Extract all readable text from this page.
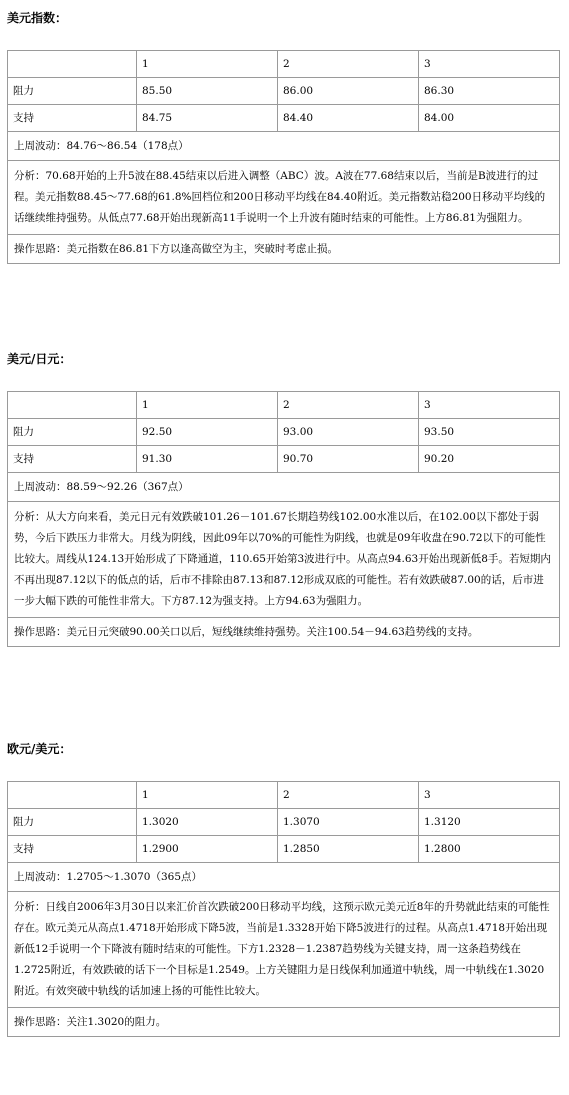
美元指数：
	1	2	3
阻力	85.50	86.00	86.30
支持	84.75	84.40	84.00
上周波动：84.76～86.54（178点）			
分析：70.68开始的上升5波在88.45结束以后进入调整（ABC）波。A波在77.68结束以后，当前是B波进行的过程。美元指数88.45～77.68的61.8%回档位和200日移动平均线在84.40附近。美元指数站稳200日移动平均线的话继续维持强势。从低点77.68开始出现新高11手说明一个上升波有随时结束的可能性。上方86.81为强阻力。			
操作思路：美元指数在86.81下方以逢高做空为主，突破时考虑止损。			
美元/日元：
	1	2	3
阻力	92.50	93.00	93.50
支持	91.30	90.70	90.20
上周波动：88.59～92.26（367点）			
分析：从大方向来看，美元日元有效跌破101.26－101.67长期趋势线102.00水准以后，在102.00以下都处于弱势，今后下跌压力非常大。月线为阴线，因此09年以70%的可能性为阴线，也就是09年收盘在90.72以下的可能性比较大。周线从124.13开始形成了下降通道，110.65开始第3波进行中。从高点94.63开始出现新低8手。若短期内不再出现87.12以下的低点的话，后市不排除由87.13和87.12形成双底的可能性。若有效跌破87.00的话，后市进一步大幅下跌的可能性非常大。下方87.12为强支持。上方94.63为强阻力。			
操作思路：美元日元突破90.00关口以后，短线继续维持强势。关注100.54－94.63趋势线的支持。			
欧元/美元：
	1	2	3
阻力	1.3020	1.3070	1.3120
支持	1.2900	1.2850	1.2800
上周波动：1.2705～1.3070（365点）			
分析：日线自2006年3月30日以来汇价首次跌破200日移动平均线，这预示欧元美元近8年的升势就此结束的可能性存在。欧元美元从高点1.4718开始形成下降5波，当前是1.3328开始下降5波进行的过程。从高点1.4718开始出现新低12手说明一个下降波有随时结束的可能性。下方1.2328－1.2387趋势线为关键支持，周一这条趋势线在1.2725附近，有效跌破的话下一个目标是1.2549。上方关键阻力是日线保利加通道中轨线，周一中轨线在1.3020附近。有效突破中轨线的话加速上扬的可能性比较大。			
操作思路：关注1.3020的阻力。			
